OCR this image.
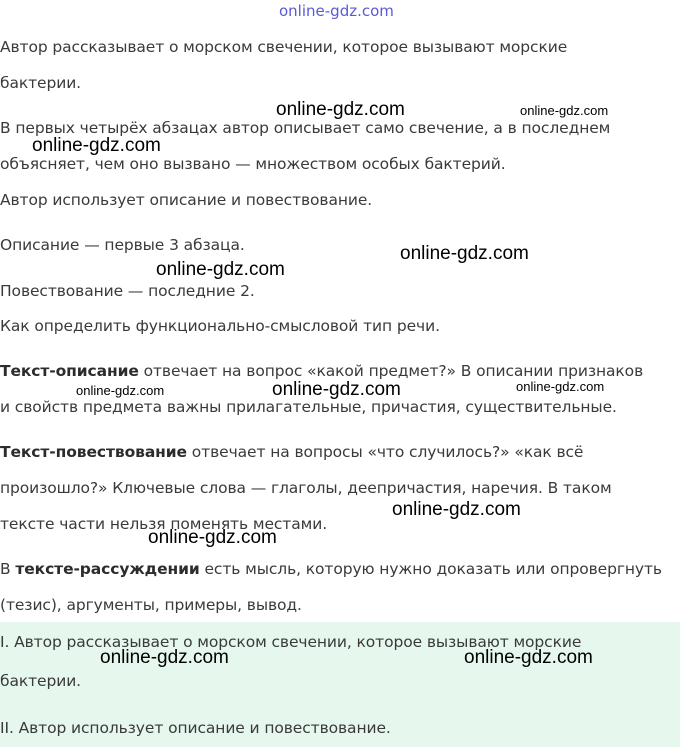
online-gdz.com
Автор рассказывает о морском свечении, которое вызывают морские
бактерии.
В первых четырёх абзацах автор описывает само свечение, а в последнем
объясняет, чем оно вызвано — множеством особых бактерий.
Автор использует описание и повествование.
Описание — первые 3 абзаца.
Повествование — последние 2.
Как определить функционально-смысловой тип речи.
Текст-описание отвечает на вопрос «какой предмет?» В описании признаков
и свойств предмета важны прилагательные, причастия, существительные.
Текст-повествование отвечает на вопросы «что случилось?» «как всё
произошло?» Ключевые слова — глаголы, деепричастия, наречия. В таком
тексте части нельзя поменять местами.
В тексте-рассуждении есть мысль, которую нужно доказать или опровергнуть
(тезис), аргументы, примеры, вывод.
I. Автор рассказывает о морском свечении, которое вызывают морские
бактерии.
II. Автор использует описание и повествование.
online-gdz.com	online-gdz.com
online-gdz.com
online-gdz.com
online-gdz.com
online-gdz.com	online-gdz.com	online-gdz.com
online-gdz.com
online-gdz.com
online-gdz.com	online-gdz.com
